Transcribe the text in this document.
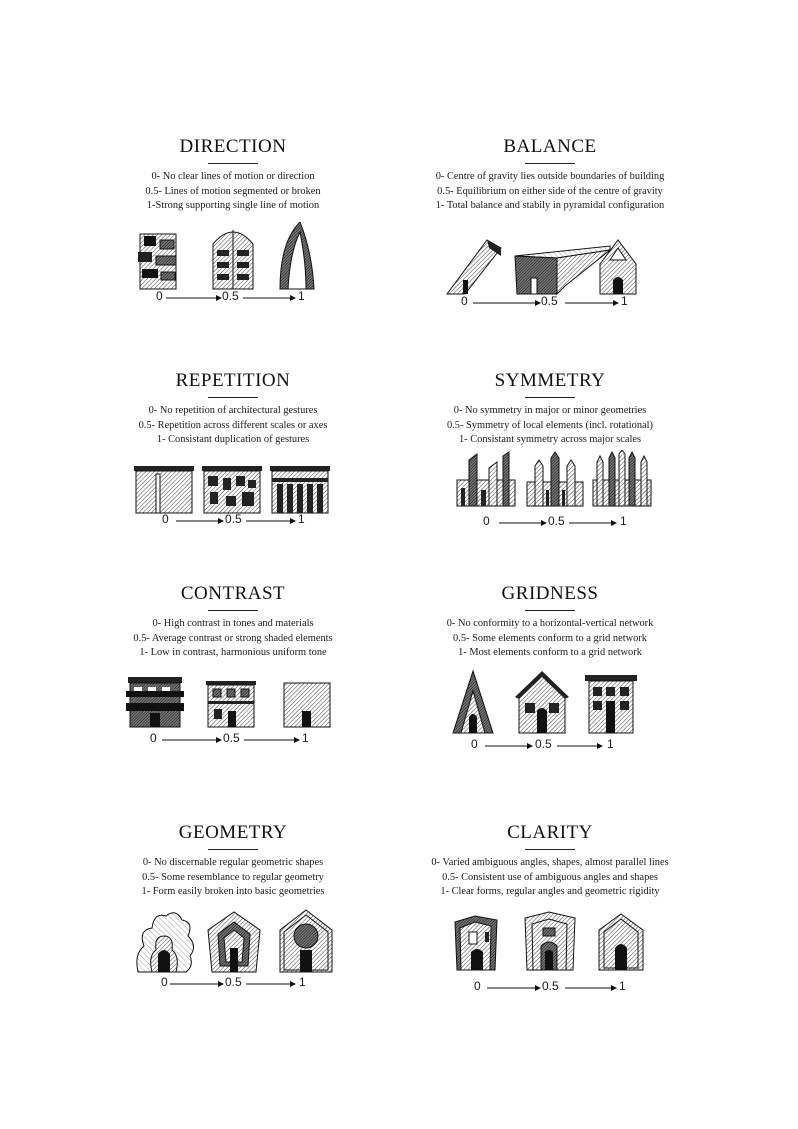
DIRECTION
0- No clear lines of motion or direction
0.5- Lines of motion segmented or broken
1-Strong supporting single line of motion
0	0.5	1
BALANCE
0- Centre of gravity lies outside boundaries of building
0.5- Equilibrium on either side of the centre of gravity
1- Total balance and stabily in pyramidal configuration
0	0.5	1
REPETITION
0- No repetition of architectural gestures
0.5- Repetition across different scales or axes
1- Consistant duplication of gestures
0	0.5	1
SYMMETRY
0- No symmetry in major or minor geometries
0.5- Symmetry of local elements (incl. rotational)
1- Consistant symmetry across major scales
0	0.5	1
CONTRAST
0- High contrast in tones and materials
0.5- Average contrast or strong shaded elements
1- Low in contrast, harmonious uniform tone
0	0.5	1
GRIDNESS
0- No conformity to a horizontal-vertical network
0.5- Some elements conform to a grid network
1- Most elements conform to a grid network
0	0.5	1
GEOMETRY
0- No discernable regular geometric shapes
0.5- Some resemblance to regular geometry
1- Form easily broken into basic geometries
0	0.5	1
CLARITY
0- Varied ambiguous angles, shapes, almost parallel lines
0.5- Consistent use of ambiguous angles and shapes
1- Clear forms, regular angles and geometric rigidity
0	0.5	1
